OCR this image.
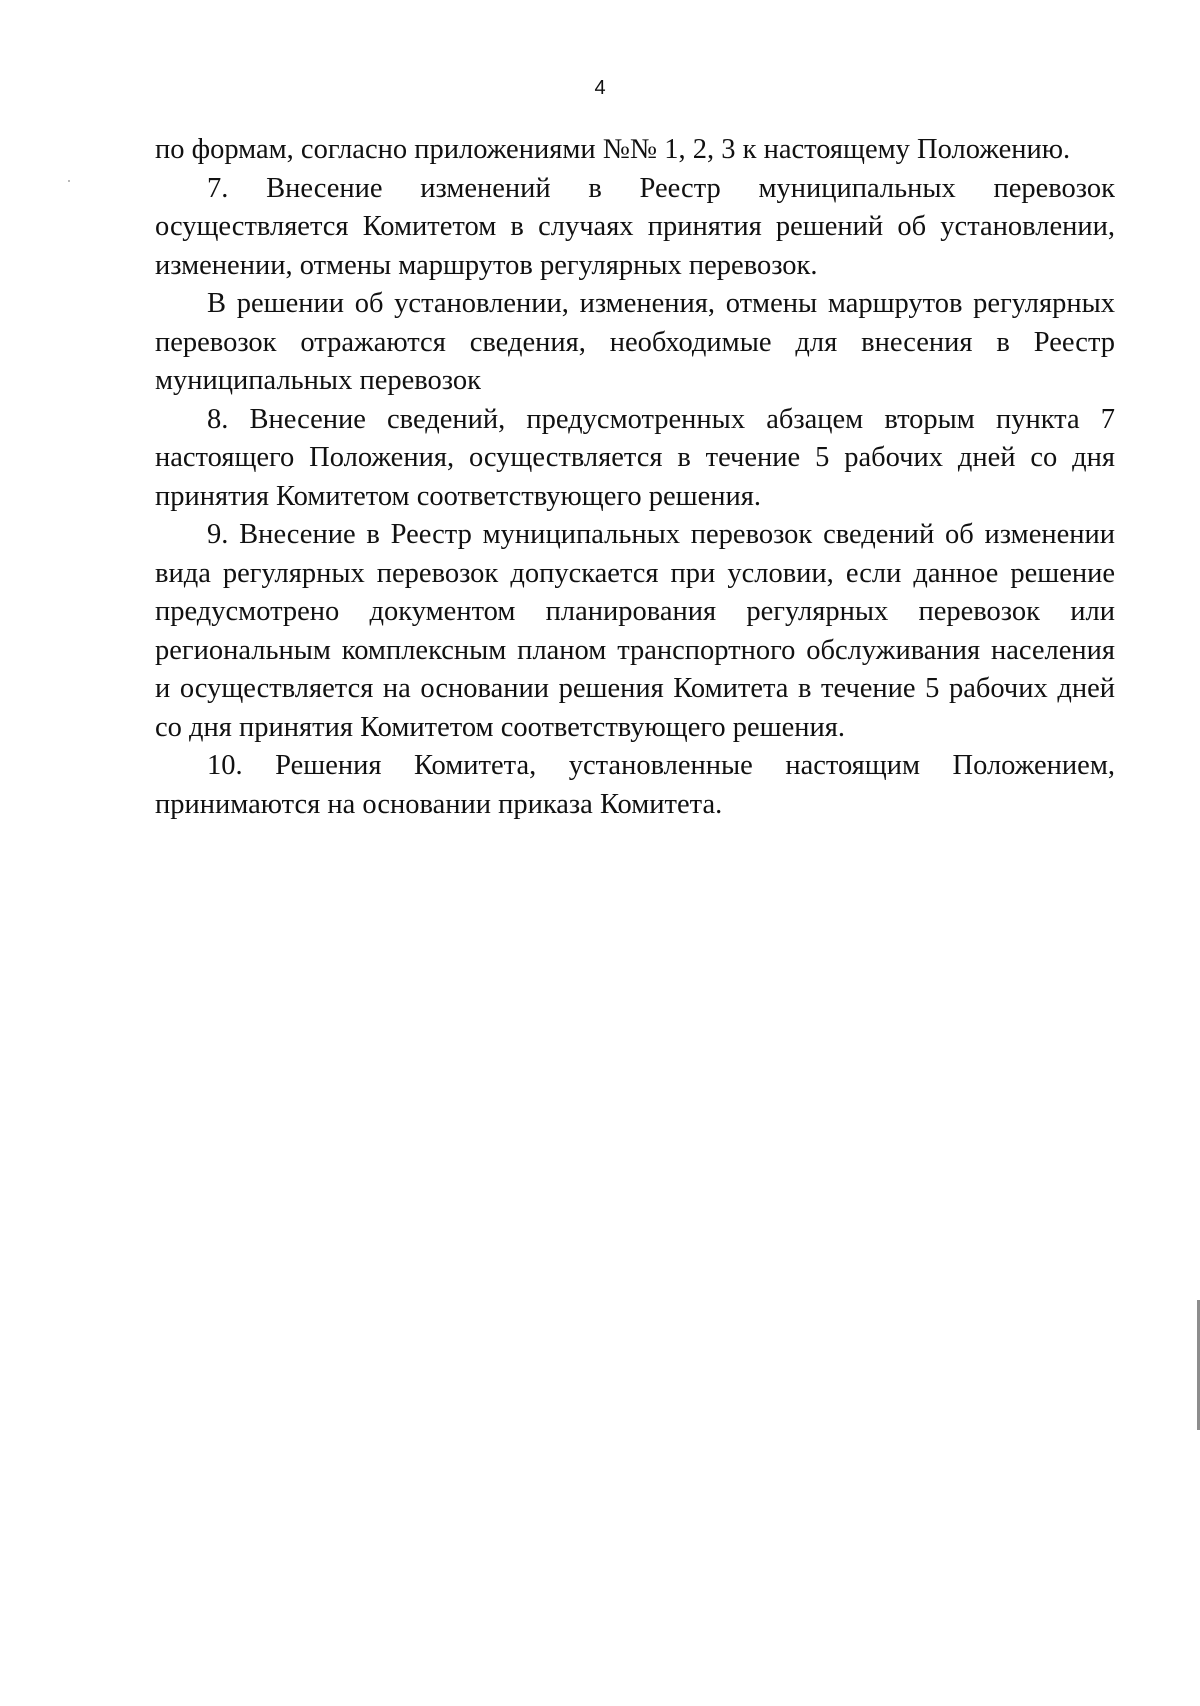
4

по формам, согласно приложениями №№ 1, 2, 3 к настоящему Положению.

7. Внесение изменений в Реестр муниципальных перевозок осуществляется Комитетом в случаях принятия решений об установлении, изменении, отмены маршрутов регулярных перевозок.

В решении об установлении, изменения, отмены маршрутов регулярных перевозок отражаются сведения, необходимые для внесения в Реестр муниципальных перевозок

8. Внесение сведений, предусмотренных абзацем вторым пункта 7 настоящего Положения, осуществляется в течение 5 рабочих дней со дня принятия Комитетом соответствующего решения.

9. Внесение в Реестр муниципальных перевозок сведений об изменении вида регулярных перевозок допускается при условии, если данное решение предусмотрено документом планирования регулярных перевозок или региональным комплексным планом транспортного обслуживания населения и осуществляется на основании решения Комитета в течение 5 рабочих дней со дня принятия Комитетом соответствующего решения.

10. Решения Комитета, установленные настоящим Положением, принимаются на основании приказа Комитета.
